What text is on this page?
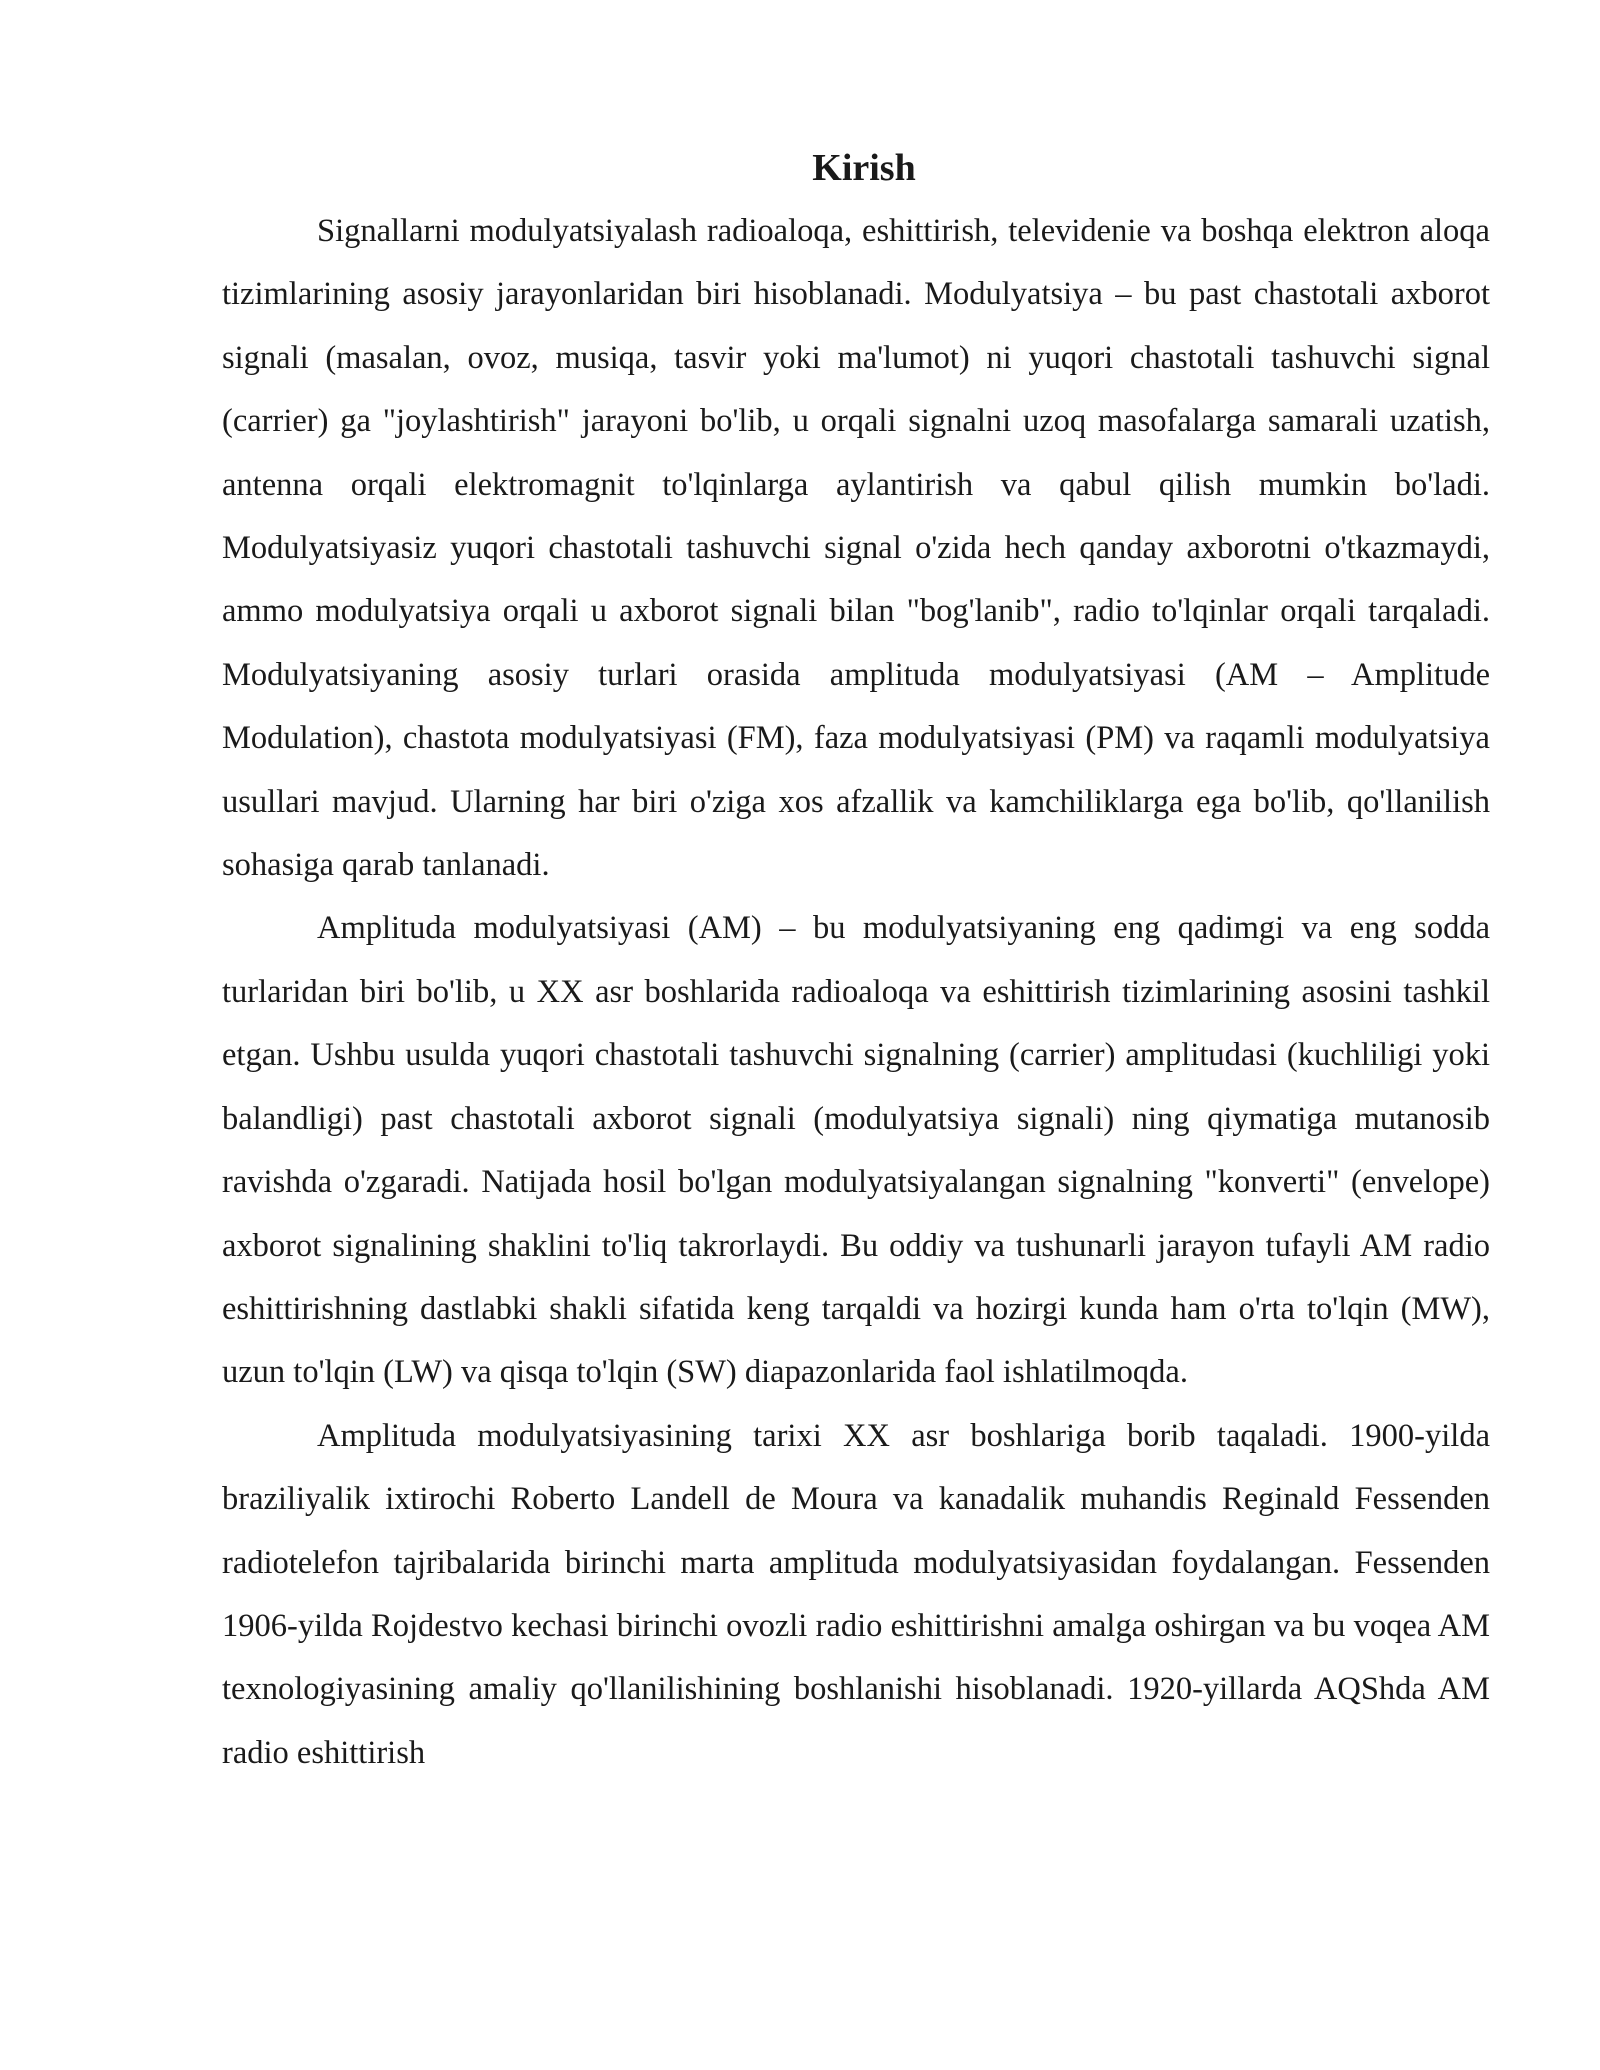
Kirish

Signallarni modulyatsiyalash radioaloqa, eshittirish, televidenie va boshqa elektron aloqa tizimlarining asosiy jarayonlaridan biri hisoblanadi. Modulyatsiya – bu past chastotali axborot signali (masalan, ovoz, musiqa, tasvir yoki ma'lumot) ni yuqori chastotali tashuvchi signal (carrier) ga "joylashtirish" jarayoni bo'lib, u orqali signalni uzoq masofalarga samarali uzatish, antenna orqali elektromagnit to'lqinlarga aylantirish va qabul qilish mumkin bo'ladi. Modulyatsiyasiz yuqori chastotali tashuvchi signal o'zida hech qanday axborotni o'tkazmaydi, ammo modulyatsiya orqali u axborot signali bilan "bog'lanib", radio to'lqinlar orqali tarqaladi. Modulyatsiyaning asosiy turlari orasida amplituda modulyatsiyasi (AM – Amplitude Modulation), chastota modulyatsiyasi (FM), faza modulyatsiyasi (PM) va raqamli modulyatsiya usullari mavjud. Ularning har biri o'ziga xos afzallik va kamchiliklarga ega bo'lib, qo'llanilish sohasiga qarab tanlanadi.

Amplituda modulyatsiyasi (AM) – bu modulyatsiyaning eng qadimgi va eng sodda turlaridan biri bo'lib, u XX asr boshlarida radioaloqa va eshittirish tizimlarining asosini tashkil etgan. Ushbu usulda yuqori chastotali tashuvchi signalning (carrier) amplitudasi (kuchliligi yoki balandligi) past chastotali axborot signali (modulyatsiya signali) ning qiymatiga mutanosib ravishda o'zgaradi. Natijada hosil bo'lgan modulyatsiyalangan signalning "konverti" (envelope) axborot signalining shaklini to'liq takrorlaydi. Bu oddiy va tushunarli jarayon tufayli AM radio eshittirishning dastlabki shakli sifatida keng tarqaldi va hozirgi kunda ham o'rta to'lqin (MW), uzun to'lqin (LW) va qisqa to'lqin (SW) diapazonlarida faol ishlatilmoqda.

Amplituda modulyatsiyasining tarixi XX asr boshlariga borib taqaladi. 1900-yilda braziliyalik ixtirochi Roberto Landell de Moura va kanadalik muhandis Reginald Fessenden radiotelefon tajribalarida birinchi marta amplituda modulyatsiyasidan foydalangan. Fessenden 1906-yilda Rojdestvo kechasi birinchi ovozli radio eshittirishni amalga oshirgan va bu voqea AM texnologiyasining amaliy qo'llanilishining boshlanishi hisoblanadi. 1920-yillarda AQShda AM radio eshittirish
